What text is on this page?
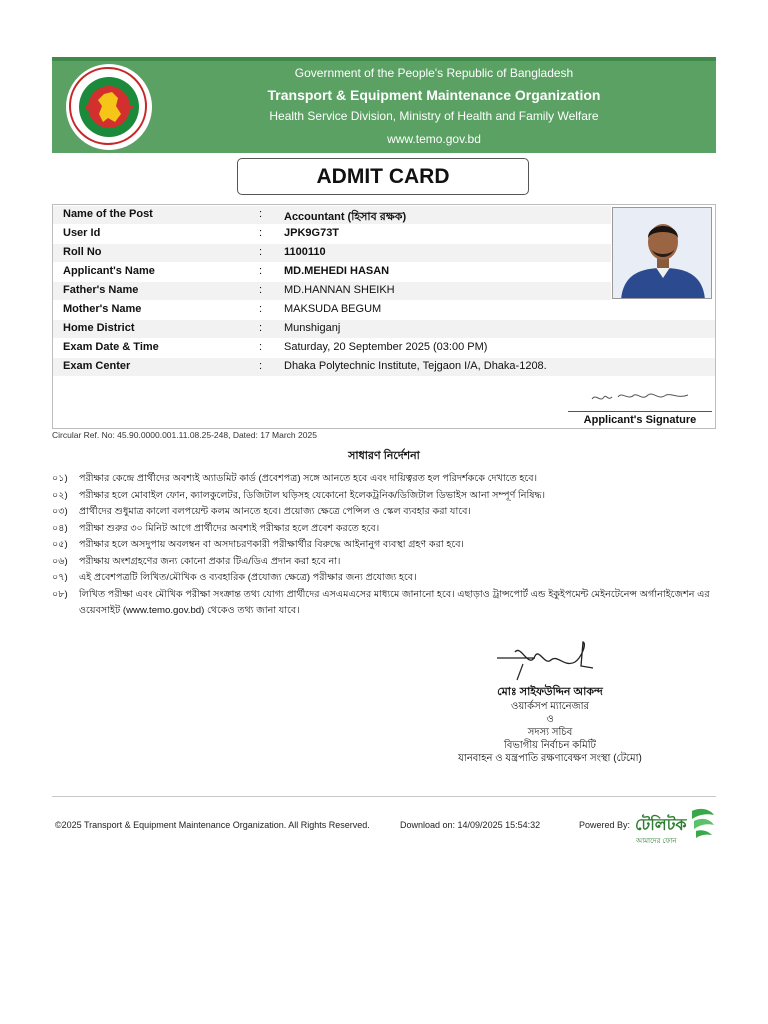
Government of the People's Republic of Bangladesh
Transport & Equipment Maintenance Organization
Health Service Division, Ministry of Health and Family Welfare
www.temo.gov.bd
ADMIT CARD
Name of the Post	: Accountant (হিসাব রক্ষক)
User Id	: JPK9G73T
Roll No	: 1100110
Applicant's Name	: MD.MEHEDI HASAN
Father's Name	: MD.HANNAN SHEIKH
Mother's Name	: MAKSUDA BEGUM
Home District	: Munshiganj
Exam Date & Time	: Saturday, 20 September 2025 (03:00 PM)
Exam Center	: Dhaka Polytechnic Institute, Tejgaon I/A, Dhaka-1208.
Applicant's Signature
Circular Ref. No: 45.90.0000.001.11.08.25-248, Dated: 17 March 2025
সাধারণ নির্দেশনা
০১) পরীক্ষার কেন্দ্রে প্রার্থীদের অবশ্যই অ্যাডমিট কার্ড (প্রবেশপত্র) সঙ্গে আনতে হবে এবং দায়িত্বরত হল পরিদর্শককে দেখাতে হবে।
০২) পরীক্ষার হলে মোবাইল ফোন, ক্যালকুলেটর, ডিজিটাল ঘড়িসহ যেকোনো ইলেকট্রনিক/ডিজিটাল ডিভাইস আনা সম্পূর্ণ নিষিদ্ধ।
০৩) প্রার্থীদের শুধুমাত্র কালো বলপয়েন্ট কলম আনতে হবে। প্রয়োজ্য ক্ষেত্রে পেন্সিল ও স্কেল ব্যবহার করা যাবে।
০৪) পরীক্ষা শুরুর ৩০ মিনিট আগে প্রার্থীদের অবশ্যই পরীক্ষার হলে প্রবেশ করতে হবে।
০৫) পরীক্ষার হলে অসদুপায় অবলম্বন বা অসদাচরণকারী পরীক্ষার্থীর বিরুদ্ধে আইনানুগ ব্যবস্থা গ্রহণ করা হবে।
০৬) পরীক্ষায় অংশগ্রহণের জন্য কোনো প্রকার টিএ/ডিএ প্রদান করা হবে না।
০৭) এই প্রবেশপত্রটি লিখিত/মৌখিক ও ব্যবহারিক (প্রযোজ্য ক্ষেত্রে) পরীক্ষার জন্য প্রযোজ্য হবে।
০৮) লিখিত পরীক্ষা এবং মৌখিক পরীক্ষা সংক্রান্ত তথ্য যোগ্য প্রার্থীদের এসএমএসের মাধ্যমে জানানো হবে। এছাড়াও ট্রান্সপোর্ট এন্ড ইকুইপমেন্ট মেইনটেনেন্স অর্গানাইজেশন এর ওয়েবসাইট (www.temo.gov.bd) থেকেও তথ্য জানা যাবে।
মোঃ সাইফউদ্দিন আকন্দ
ওয়ার্কসপ ম্যানেজার
ও
সদস্য সচিব
বিভাগীয় নির্বাচন কমিটি
যানবাহন ও যন্ত্রপাতি রক্ষণাবেক্ষণ সংস্থা (টেমো)
©2025 Transport & Equipment Maintenance Organization. All Rights Reserved.	Download on: 14/09/2025 15:54:32	Powered By: টেলিটক
আমাদের ফোন
